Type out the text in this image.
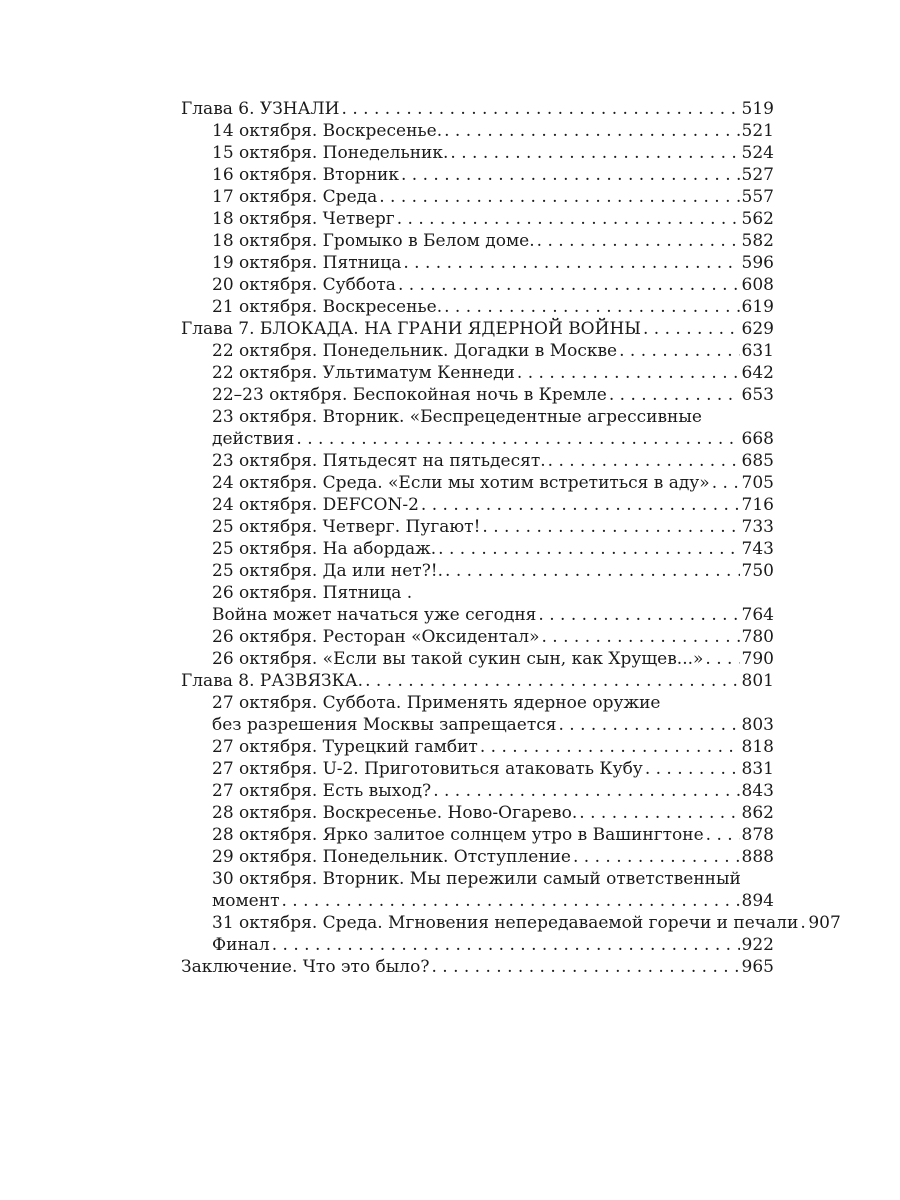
Глава 6. УЗНАЛИ . . .	519
14 октября. Воскресенье. . . .	521
15 октября. Понедельник. . . .	524
16 октября. Вторник . . .	527
17 октября. Среда . . .	557
18 октября. Четверг . . .	562
18 октября. Громыко в Белом доме. . . .	582
19 октября. Пятница . . .	596
20 октября. Суббота . . .	608
21 октября. Воскресенье. . . .	619
Глава 7. БЛОКАДА. НА ГРАНИ ЯДЕРНОЙ ВОЙНЫ . . .	629
22 октября. Понедельник. Догадки в Москве . . .	631
22 октября. Ультиматум Кеннеди . . .	642
22–23 октября. Беспокойная ночь в Кремле . . .	653
23 октября. Вторник. «Беспрецедентные агрессивные
действия . . .	668
23 октября. Пятьдесят на пятьдесят. . . .	685
24 октября. Среда. «Если мы хотим встретиться в аду» . . . 705
24 октября. DEFCON-2 . . .	716
25 октября. Четверг. Пугают! . . .	733
25 октября. На абордаж. . . .	743
25 октября. Да или нет?!. . . .	750
26 октября. Пятница .
Война может начаться уже сегодня . . .	764
26 октября. Ресторан «Оксидентал» . . .	780
26 октября. «Если вы такой сукин сын, как Хрущев...» . . . 790
Глава 8. РАЗВЯЗКА. . . .	801
27 октября. Суббота. Применять ядерное оружие
без разрешения Москвы запрещается . . .	803
27 октября. Турецкий гамбит . . .	818
27 октября. U-2. Приготовиться атаковать Кубу . . .	831
27 октября. Есть выход? . . .	843
28 октября. Воскресенье. Ново-Огарево. . . .	862
28 октября. Ярко залитое солнцем утро в Вашингтоне . . . 878
29 октября. Понедельник. Отступление . . .	888
30 октября. Вторник. Мы пережили самый ответственный
момент . . .	894
31 октября. Среда. Мгновения непередаваемой горечи и печали . . . 907
Финал . . .	922
Заключение. Что это было? . . .	965
